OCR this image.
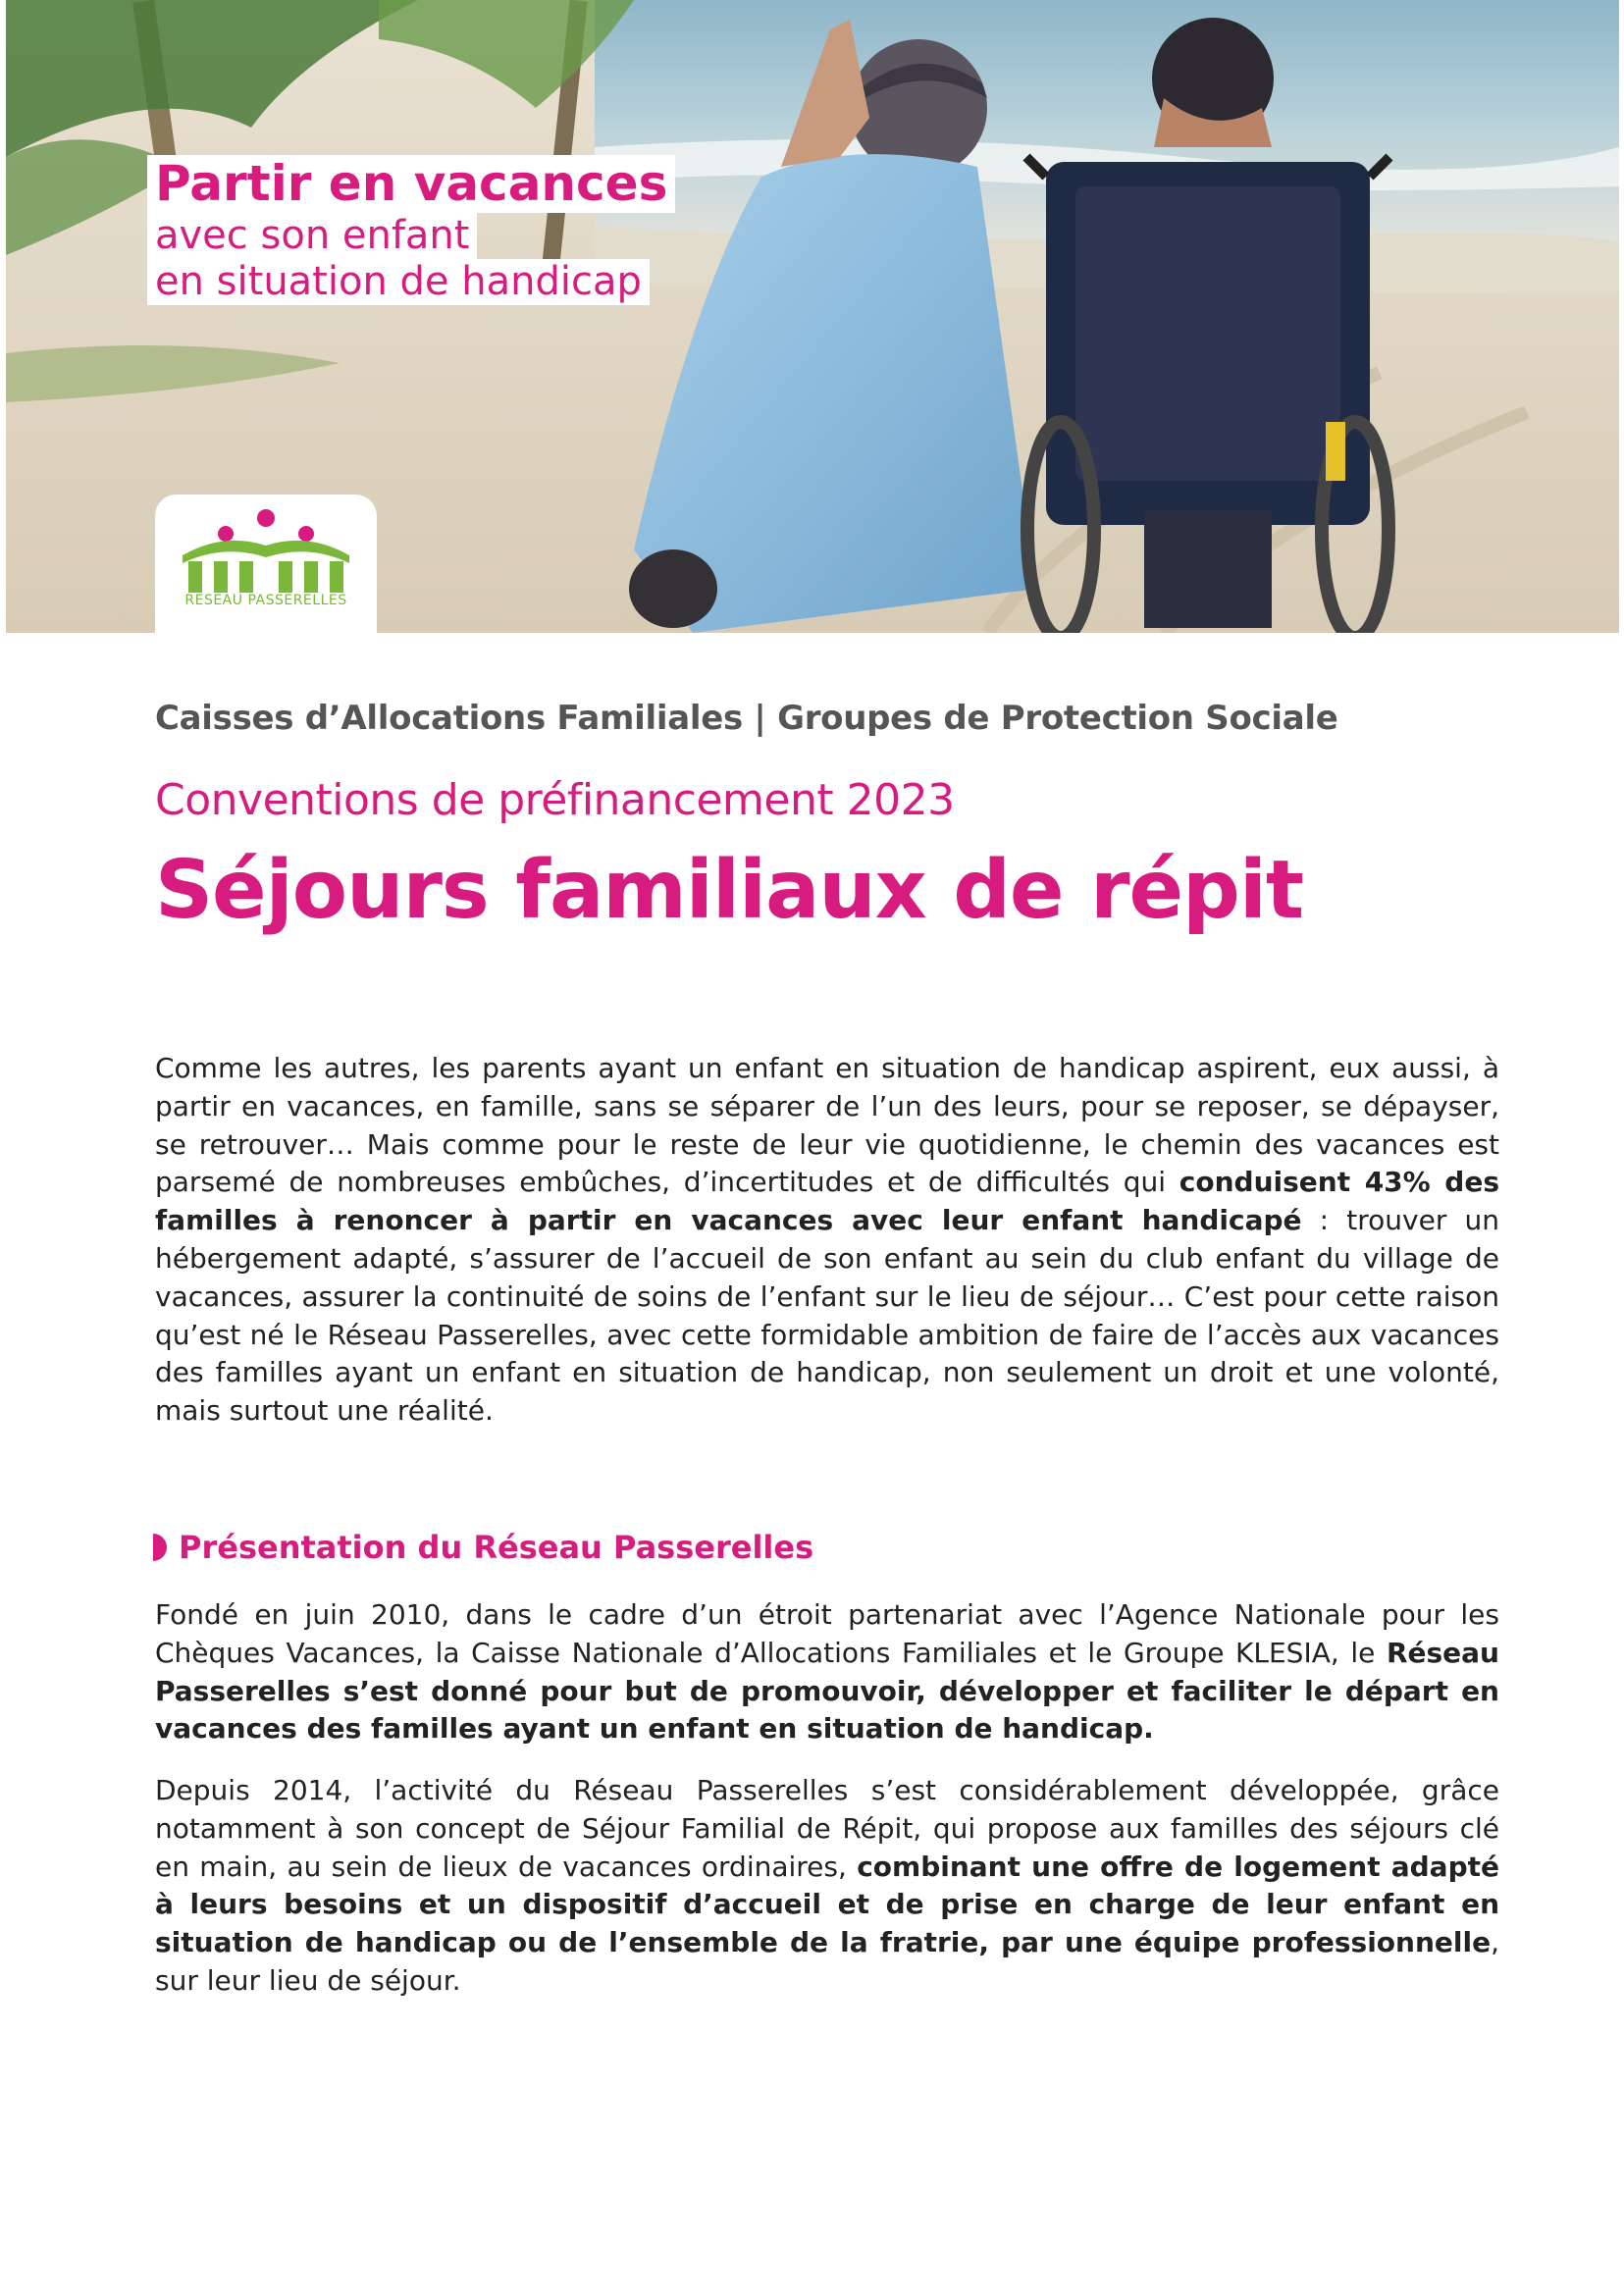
Partir en vacances
avec son enfant
en situation de handicap
RESEAU PASSERELLES
Caisses d’Allocations Familiales | Groupes de Protection Sociale
Conventions de préfinancement 2023
Séjours familiaux de répit

Comme les autres, les parents ayant un enfant en situation de handicap aspirent, eux aussi, à partir en vacances, en famille, sans se séparer de l’un des leurs, pour se reposer, se dépayser, se retrouver… Mais comme pour le reste de leur vie quotidienne, le chemin des vacances est parsemé de nombreuses embûches, d’incertitudes et de difficultés qui conduisent 43% des familles à renoncer à partir en vacances avec leur enfant handicapé : trouver un hébergement adapté, s’assurer de l’accueil de son enfant au sein du club enfant du village de vacances, assurer la continuité de soins de l’enfant sur le lieu de séjour… C’est pour cette raison qu’est né le Réseau Passerelles, avec cette formidable ambition de faire de l’accès aux vacances des familles ayant un enfant en situation de handicap, non seulement un droit et une volonté, mais surtout une réalité.

Présentation du Réseau Passerelles

Fondé en juin 2010, dans le cadre d’un étroit partenariat avec l’Agence Nationale pour les Chèques Vacances, la Caisse Nationale d’Allocations Familiales et le Groupe KLESIA, le Réseau Passerelles s’est donné pour but de promouvoir, développer et faciliter le départ en vacances des familles ayant un enfant en situation de handicap.

Depuis 2014, l’activité du Réseau Passerelles s’est considérablement développée, grâce notamment à son concept de Séjour Familial de Répit, qui propose aux familles des séjours clé en main, au sein de lieux de vacances ordinaires, combinant une offre de logement adapté à leurs besoins et un dispositif d’accueil et de prise en charge de leur enfant en situation de handicap ou de l’ensemble de la fratrie, par une équipe professionnelle, sur leur lieu de séjour.
